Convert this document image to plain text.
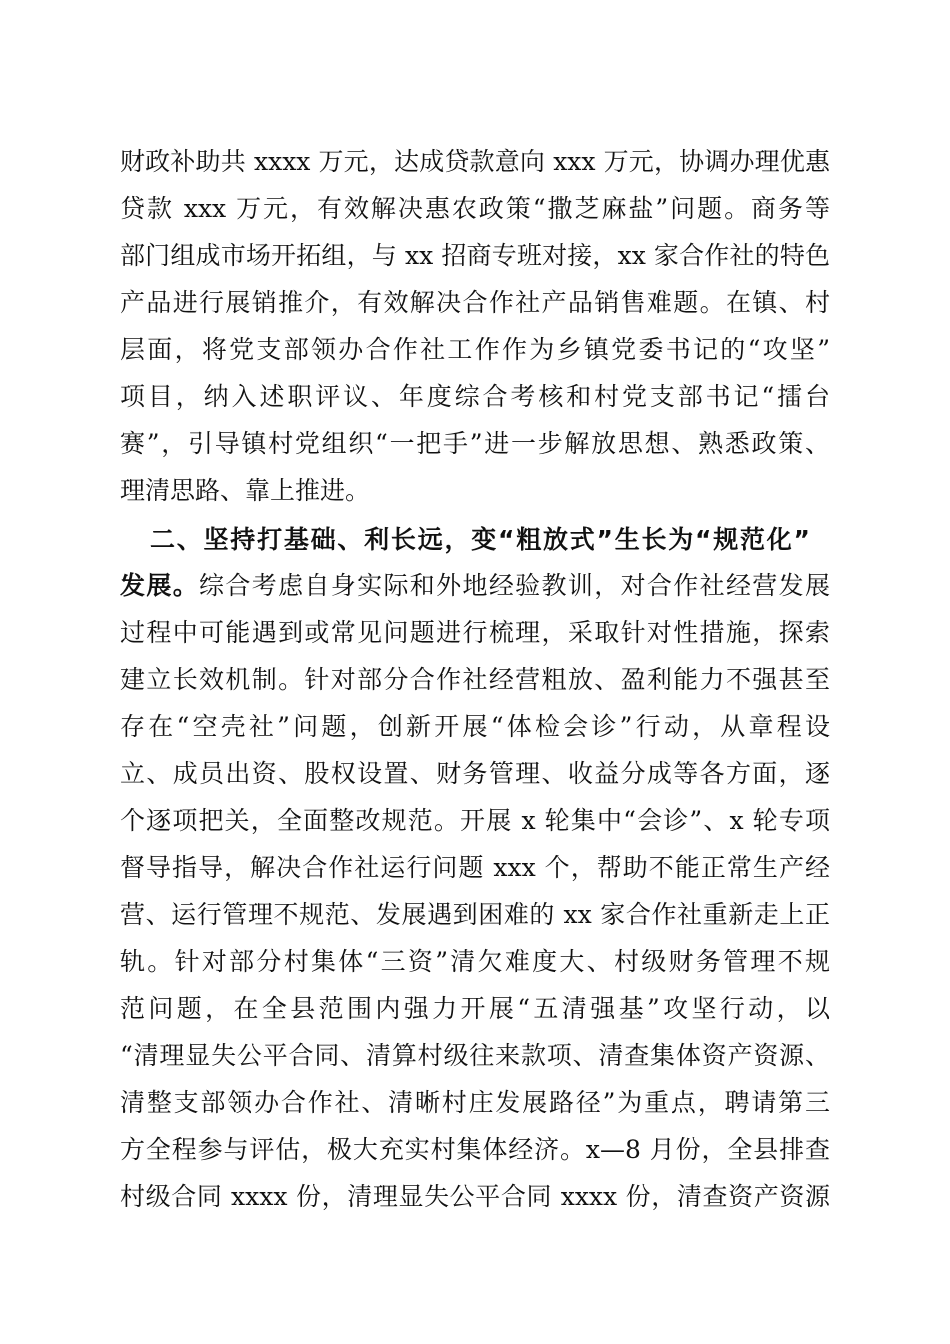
财政补助共 xxxx 万元，达成贷款意向 xxx 万元，协调办理优惠
贷款 xxx 万元，有效解决惠农政策“撒芝麻盐”问题。商务等
部门组成市场开拓组，与 xx 招商专班对接，xx 家合作社的特色
产品进行展销推介，有效解决合作社产品销售难题。在镇、村
层面，将党支部领办合作社工作作为乡镇党委书记的“攻坚”
项目，纳入述职评议、年度综合考核和村党支部书记“擂台
赛”，引导镇村党组织“一把手”进一步解放思想、熟悉政策、
理清思路、靠上推进。
二、坚持打基础、利长远，变“粗放式”生长为“规范化”
发展。综合考虑自身实际和外地经验教训，对合作社经营发展
过程中可能遇到或常见问题进行梳理，采取针对性措施，探索
建立长效机制。针对部分合作社经营粗放、盈利能力不强甚至
存在“空壳社”问题，创新开展“体检会诊”行动，从章程设
立、成员出资、股权设置、财务管理、收益分成等各方面，逐
个逐项把关，全面整改规范。开展 x 轮集中“会诊”、x 轮专项
督导指导，解决合作社运行问题 xxx 个，帮助不能正常生产经
营、运行管理不规范、发展遇到困难的 xx 家合作社重新走上正
轨。针对部分村集体“三资”清欠难度大、村级财务管理不规
范问题，在全县范围内强力开展“五清强基”攻坚行动，以
“清理显失公平合同、清算村级往来款项、清查集体资产资源、
清整支部领办合作社、清晰村庄发展路径”为重点，聘请第三
方全程参与评估，极大充实村集体经济。x—8 月份，全县排查
村级合同 xxxx 份，清理显失公平合同 xxxx 份，清查资产资源
